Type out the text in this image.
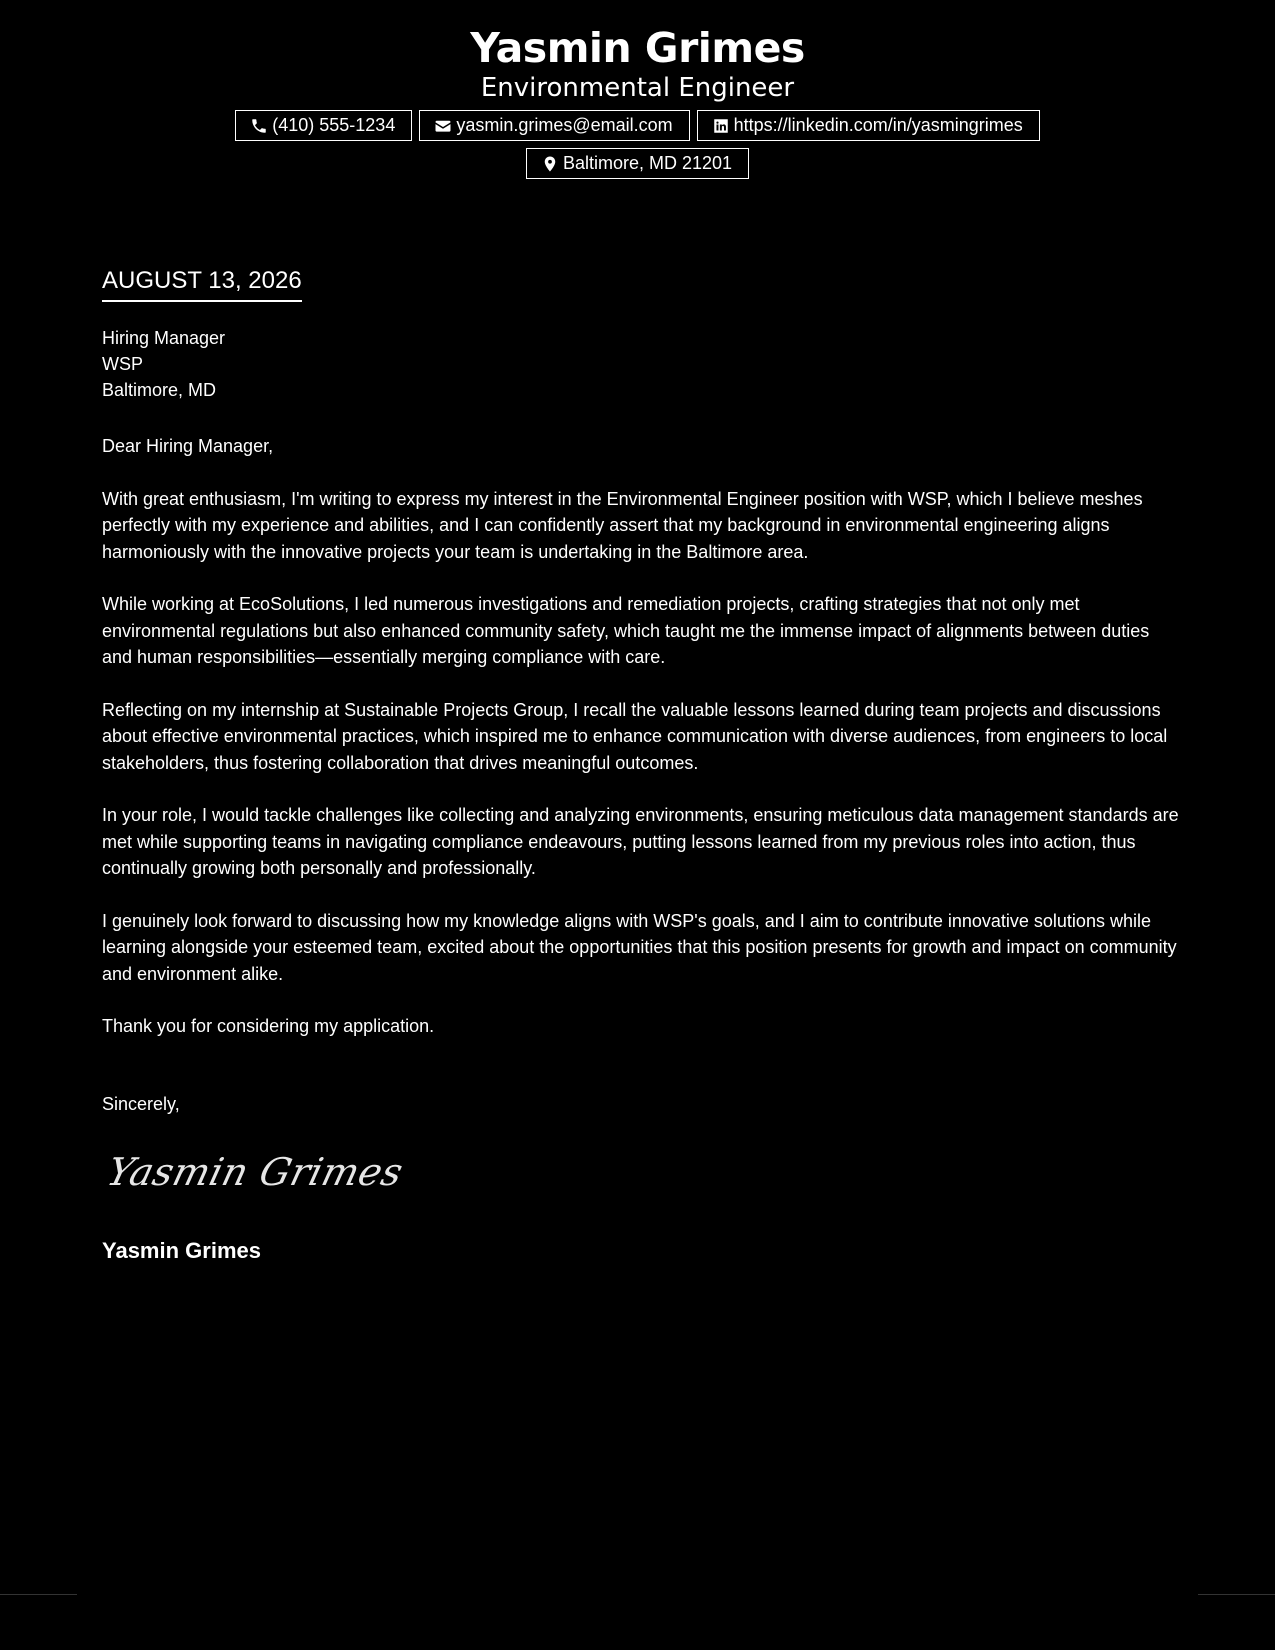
Yasmin Grimes
Environmental Engineer
(410) 555-1234	yasmin.grimes@email.com	https://linkedin.com/in/yasmingrimes
Baltimore, MD 21201
AUGUST 13, 2026
Hiring Manager
WSP
Baltimore, MD

Dear Hiring Manager,

With great enthusiasm, I'm writing to express my interest in the Environmental Engineer position with WSP, which I believe meshes perfectly with my experience and abilities, and I can confidently assert that my background in environmental engineering aligns harmoniously with the innovative projects your team is undertaking in the Baltimore area.

While working at EcoSolutions, I led numerous investigations and remediation projects, crafting strategies that not only met environmental regulations but also enhanced community safety, which taught me the immense impact of alignments between duties and human responsibilities—essentially merging compliance with care.

Reflecting on my internship at Sustainable Projects Group, I recall the valuable lessons learned during team projects and discussions about effective environmental practices, which inspired me to enhance communication with diverse audiences, from engineers to local stakeholders, thus fostering collaboration that drives meaningful outcomes.

In your role, I would tackle challenges like collecting and analyzing environments, ensuring meticulous data management standards are met while supporting teams in navigating compliance endeavours, putting lessons learned from my previous roles into action, thus continually growing both personally and professionally.

I genuinely look forward to discussing how my knowledge aligns with WSP's goals, and I aim to contribute innovative solutions while learning alongside your esteemed team, excited about the opportunities that this position presents for growth and impact on community and environment alike.

Thank you for considering my application.

Sincerely,
Yasmin Grimes
Yasmin Grimes
